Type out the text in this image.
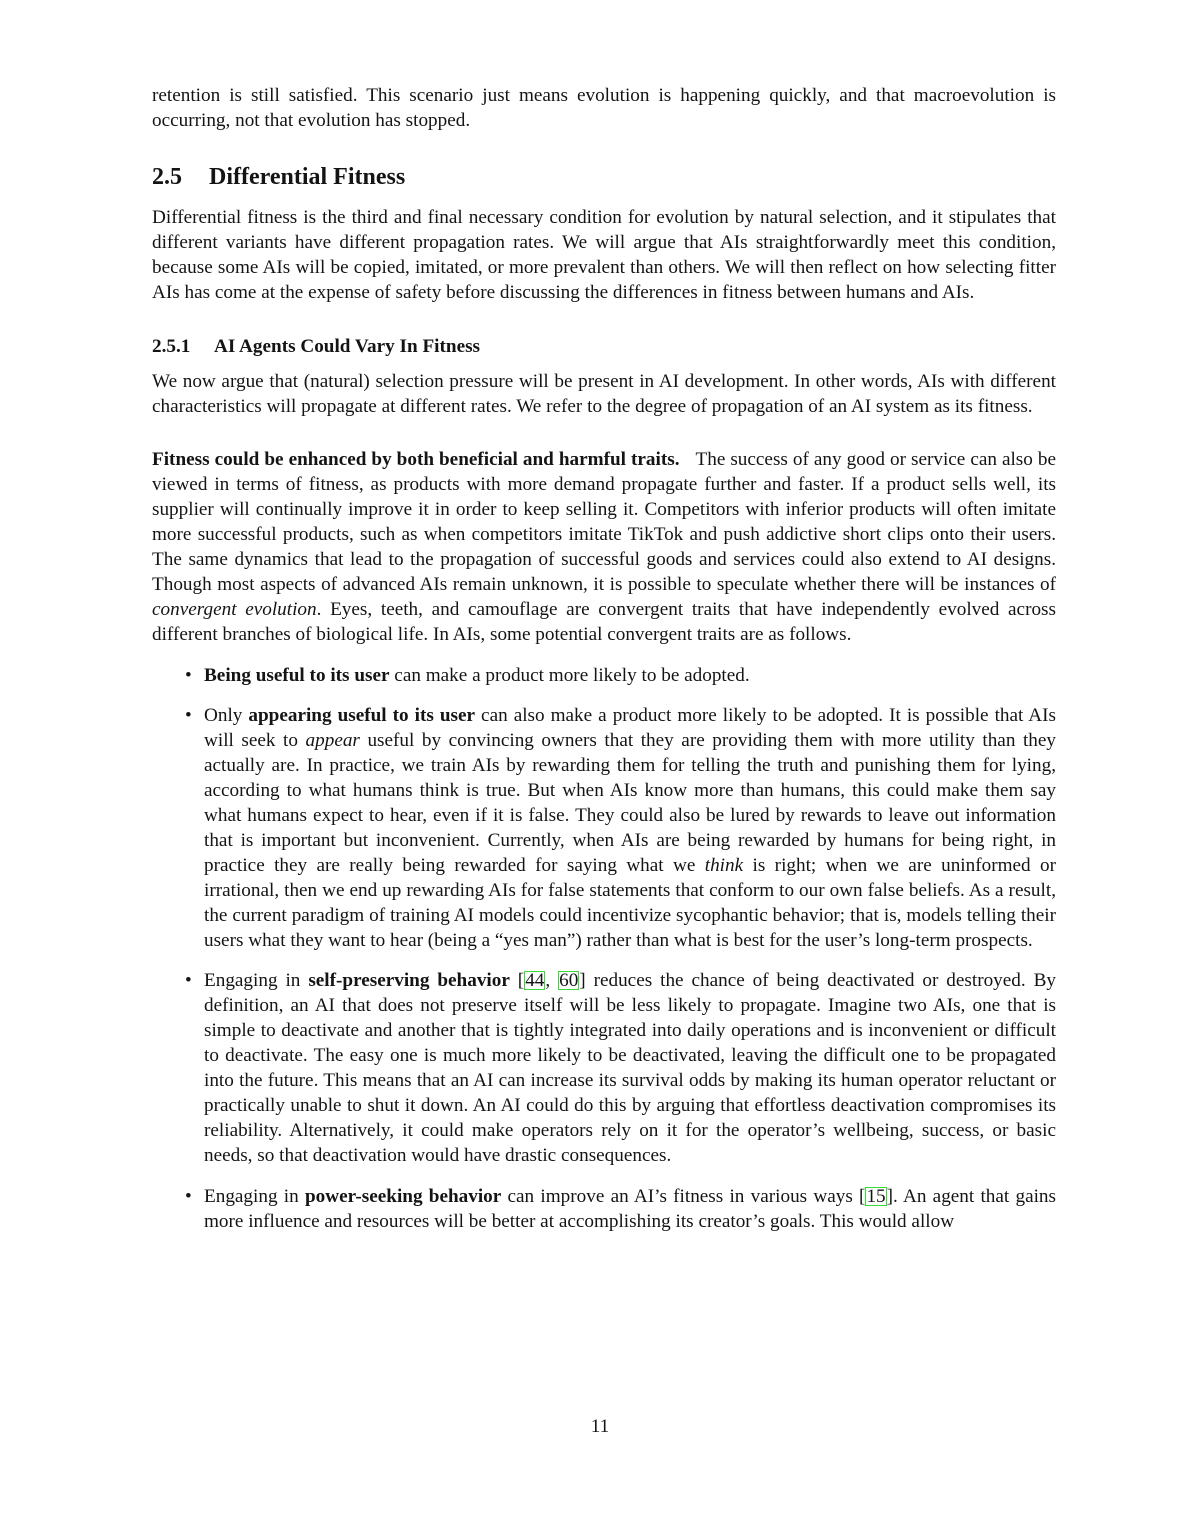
retention is still satisfied. This scenario just means evolution is happening quickly, and that macroevolution is occurring, not that evolution has stopped.

2.5 Differential Fitness

Differential fitness is the third and final necessary condition for evolution by natural selection, and it stipulates that different variants have different propagation rates. We will argue that AIs straightforwardly meet this condition, because some AIs will be copied, imitated, or more prevalent than others. We will then reflect on how selecting fitter AIs has come at the expense of safety before discussing the differences in fitness between humans and AIs.

2.5.1 AI Agents Could Vary In Fitness

We now argue that (natural) selection pressure will be present in AI development. In other words, AIs with different characteristics will propagate at different rates. We refer to the degree of propagation of an AI system as its fitness.

Fitness could be enhanced by both beneficial and harmful traits. The success of any good or service can also be viewed in terms of fitness, as products with more demand propagate further and faster. If a product sells well, its supplier will continually improve it in order to keep selling it. Competitors with inferior products will often imitate more successful products, such as when competitors imitate TikTok and push addictive short clips onto their users. The same dynamics that lead to the propagation of successful goods and services could also extend to AI designs. Though most aspects of advanced AIs remain unknown, it is possible to speculate whether there will be instances of convergent evolution. Eyes, teeth, and camouflage are convergent traits that have independently evolved across different branches of biological life. In AIs, some potential convergent traits are as follows.

• Being useful to its user can make a product more likely to be adopted.
• Only appearing useful to its user can also make a product more likely to be adopted. It is possible that AIs will seek to appear useful by convincing owners that they are providing them with more utility than they actually are. In practice, we train AIs by rewarding them for telling the truth and punishing them for lying, according to what humans think is true. But when AIs know more than humans, this could make them say what humans expect to hear, even if it is false. They could also be lured by rewards to leave out information that is important but inconvenient. Currently, when AIs are being rewarded by humans for being right, in practice they are really being rewarded for saying what we think is right; when we are uninformed or irrational, then we end up rewarding AIs for false statements that conform to our own false beliefs. As a result, the current paradigm of training AI models could incentivize sycophantic behavior; that is, models telling their users what they want to hear (being a “yes man”) rather than what is best for the user’s long-term prospects.
• Engaging in self-preserving behavior [44, 60] reduces the chance of being deactivated or destroyed. By definition, an AI that does not preserve itself will be less likely to propagate. Imagine two AIs, one that is simple to deactivate and another that is tightly integrated into daily operations and is inconvenient or difficult to deactivate. The easy one is much more likely to be deactivated, leaving the difficult one to be propagated into the future. This means that an AI can increase its survival odds by making its human operator reluctant or practically unable to shut it down. An AI could do this by arguing that effortless deactivation compromises its reliability. Alternatively, it could make operators rely on it for the operator’s wellbeing, success, or basic needs, so that deactivation would have drastic consequences.
• Engaging in power-seeking behavior can improve an AI’s fitness in various ways [15]. An agent that gains more influence and resources will be better at accomplishing its creator’s goals. This would allow
11
